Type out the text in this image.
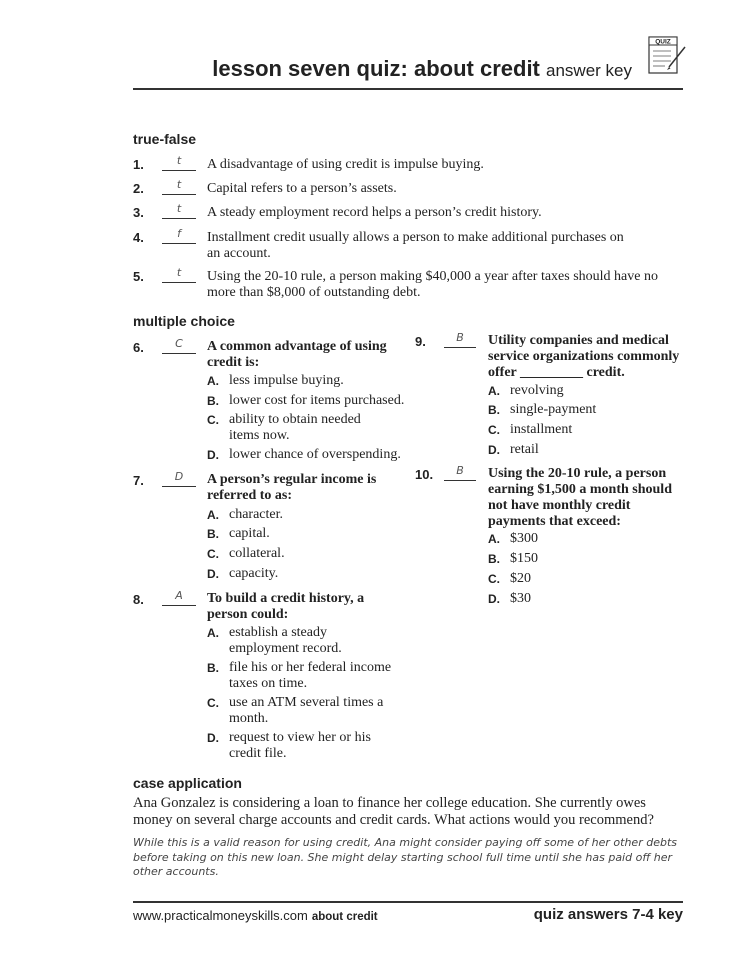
lesson seven quiz: about credit answer key
QUIZ
true-false
1.	t	A disadvantage of using credit is impulse buying.
2.	t	Capital refers to a person’s assets.
3.	t	A steady employment record helps a person’s credit history.
4.	f	Installment credit usually allows a person to make additional purchases on an account.
5.	t	Using the 20-10 rule, a person making $40,000 a year after taxes should have no more than $8,000 of outstanding debt.
multiple choice
6.	C	A common advantage of using credit is:
A. less impulse buying.
B. lower cost for items purchased.
C. ability to obtain needed items now.
D. lower chance of overspending.
7.	D	A person’s regular income is referred to as:
A. character.
B. capital.
C. collateral.
D. capacity.
8.	A	To build a credit history, a person could:
A. establish a steady employment record.
B. file his or her federal income taxes on time.
C. use an ATM several times a month.
D. request to view her or his credit file.
9.	B	Utility companies and medical service organizations commonly offer _________ credit.
A. revolving
B. single-payment
C. installment
D. retail
10.	B	Using the 20-10 rule, a person earning $1,500 a month should not have monthly credit payments that exceed:
A. $300
B. $150
C. $20
D. $30
case application
Ana Gonzalez is considering a loan to finance her college education. She currently owes money on several charge accounts and credit cards. What actions would you recommend?
While this is a valid reason for using credit, Ana might consider paying off some of her other debts before taking on this new loan. She might delay starting school full time until she has paid off her other accounts.
www.practicalmoneyskills.com about credit	quiz answers 7-4 key
